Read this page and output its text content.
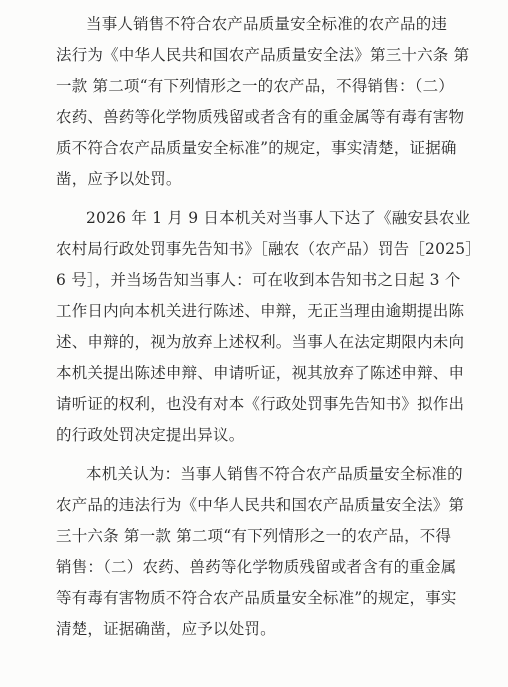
当事人销售不符合农产品质量安全标准的农产品的违
法行为《中华人民共和国农产品质量安全法》第三十六条 第
一款 第二项“有下列情形之一的农产品，不得销售：（二）
农药、兽药等化学物质残留或者含有的重金属等有毒有害物
质不符合农产品质量安全标准”的规定，事实清楚，证据确
凿，应予以处罚。
2026 年 1 月 9 日本机关对当事人下达了《融安县农业
农村局行政处罚事先告知书》［融农（农产品）罚告［2025］
6 号］，并当场告知当事人：可在收到本告知书之日起 3 个
工作日内向本机关进行陈述、申辩，无正当理由逾期提出陈
述、申辩的，视为放弃上述权利。当事人在法定期限内未向
本机关提出陈述申辩、申请听证，视其放弃了陈述申辩、申
请听证的权利，也没有对本《行政处罚事先告知书》拟作出
的行政处罚决定提出异议。
本机关认为：当事人销售不符合农产品质量安全标准的
农产品的违法行为《中华人民共和国农产品质量安全法》第
三十六条 第一款 第二项“有下列情形之一的农产品，不得
销售：（二）农药、兽药等化学物质残留或者含有的重金属
等有毒有害物质不符合农产品质量安全标准”的规定，事实
清楚，证据确凿，应予以处罚。
